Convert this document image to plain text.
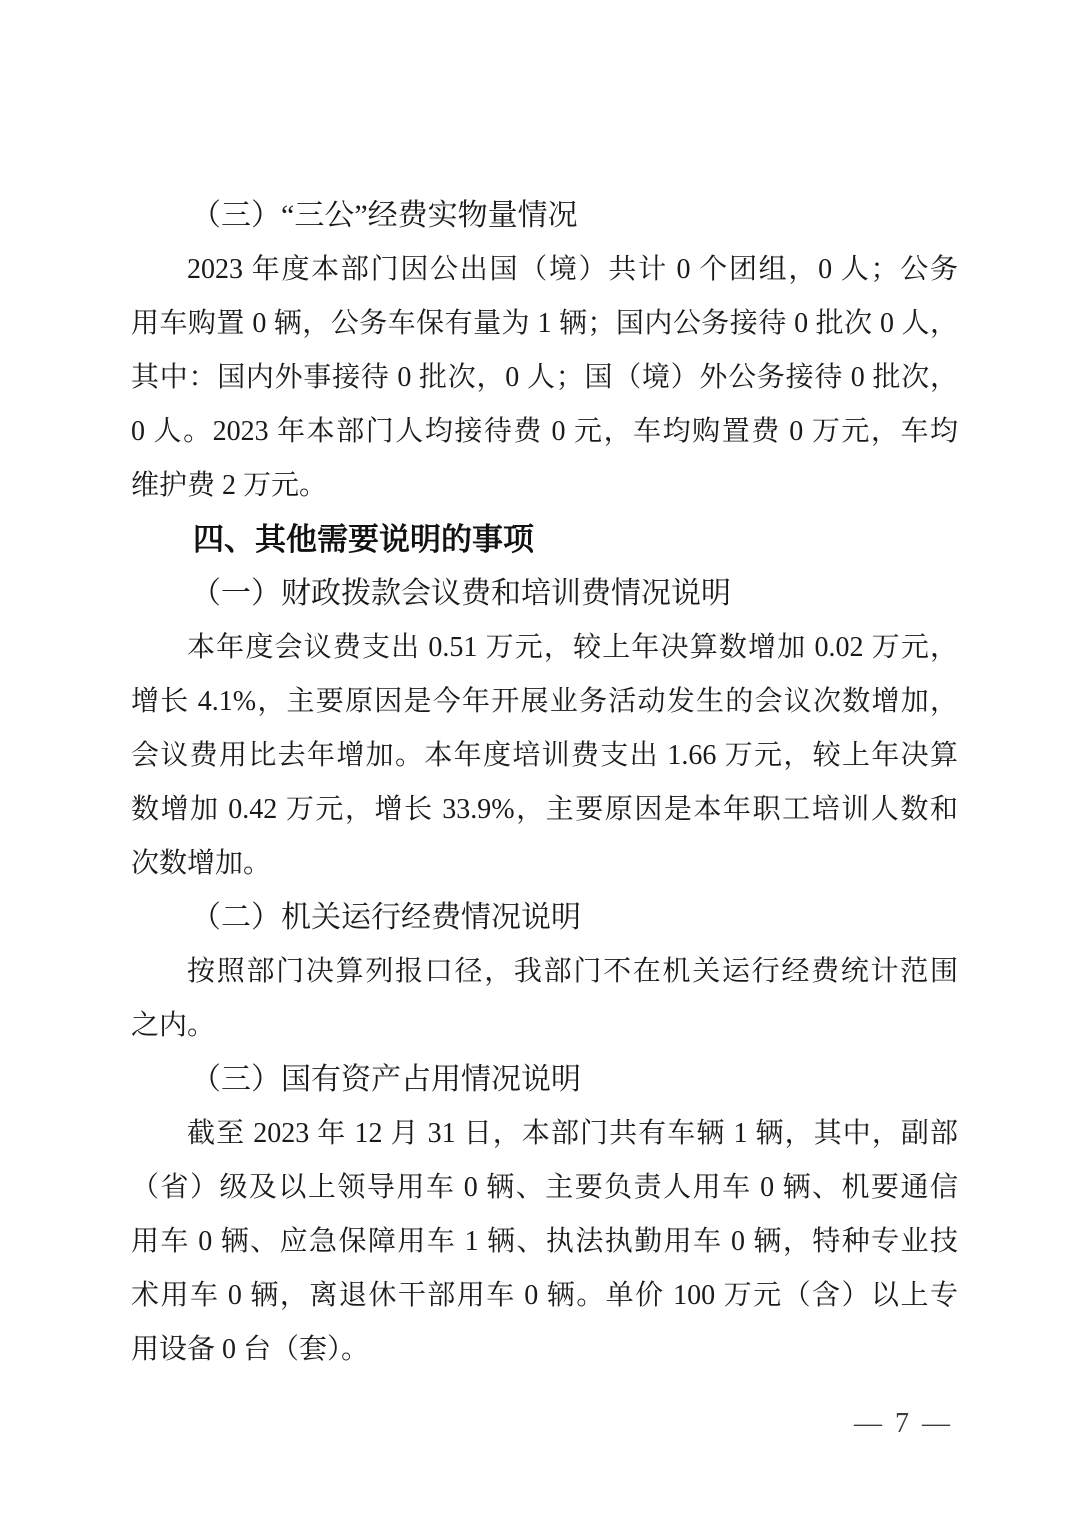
（三）“三公”经费实物量情况
2023 年度本部门因公出国（境）共计 0 个团组，0 人；公务
用车购置 0 辆，公务车保有量为 1 辆；国内公务接待 0 批次 0 人，
其中：国内外事接待 0 批次，0 人；国（境）外公务接待 0 批次，
0 人。2023 年本部门人均接待费 0 元，车均购置费 0 万元，车均
维护费 2 万元。
四、其他需要说明的事项
（一）财政拨款会议费和培训费情况说明
本年度会议费支出 0.51 万元，较上年决算数增加 0.02 万元，
增长 4.1%，主要原因是今年开展业务活动发生的会议次数增加，
会议费用比去年增加。本年度培训费支出 1.66 万元，较上年决算
数增加 0.42 万元，增长 33.9%，主要原因是本年职工培训人数和
次数增加。
（二）机关运行经费情况说明
按照部门决算列报口径，我部门不在机关运行经费统计范围
之内。
（三）国有资产占用情况说明
截至 2023 年 12 月 31 日，本部门共有车辆 1 辆，其中，副部
（省）级及以上领导用车 0 辆、主要负责人用车 0 辆、机要通信
用车 0 辆、应急保障用车 1 辆、执法执勤用车 0 辆，特种专业技
术用车 0 辆，离退休干部用车 0 辆。单价 100 万元（含）以上专
用设备 0 台（套）。
— 7 —
